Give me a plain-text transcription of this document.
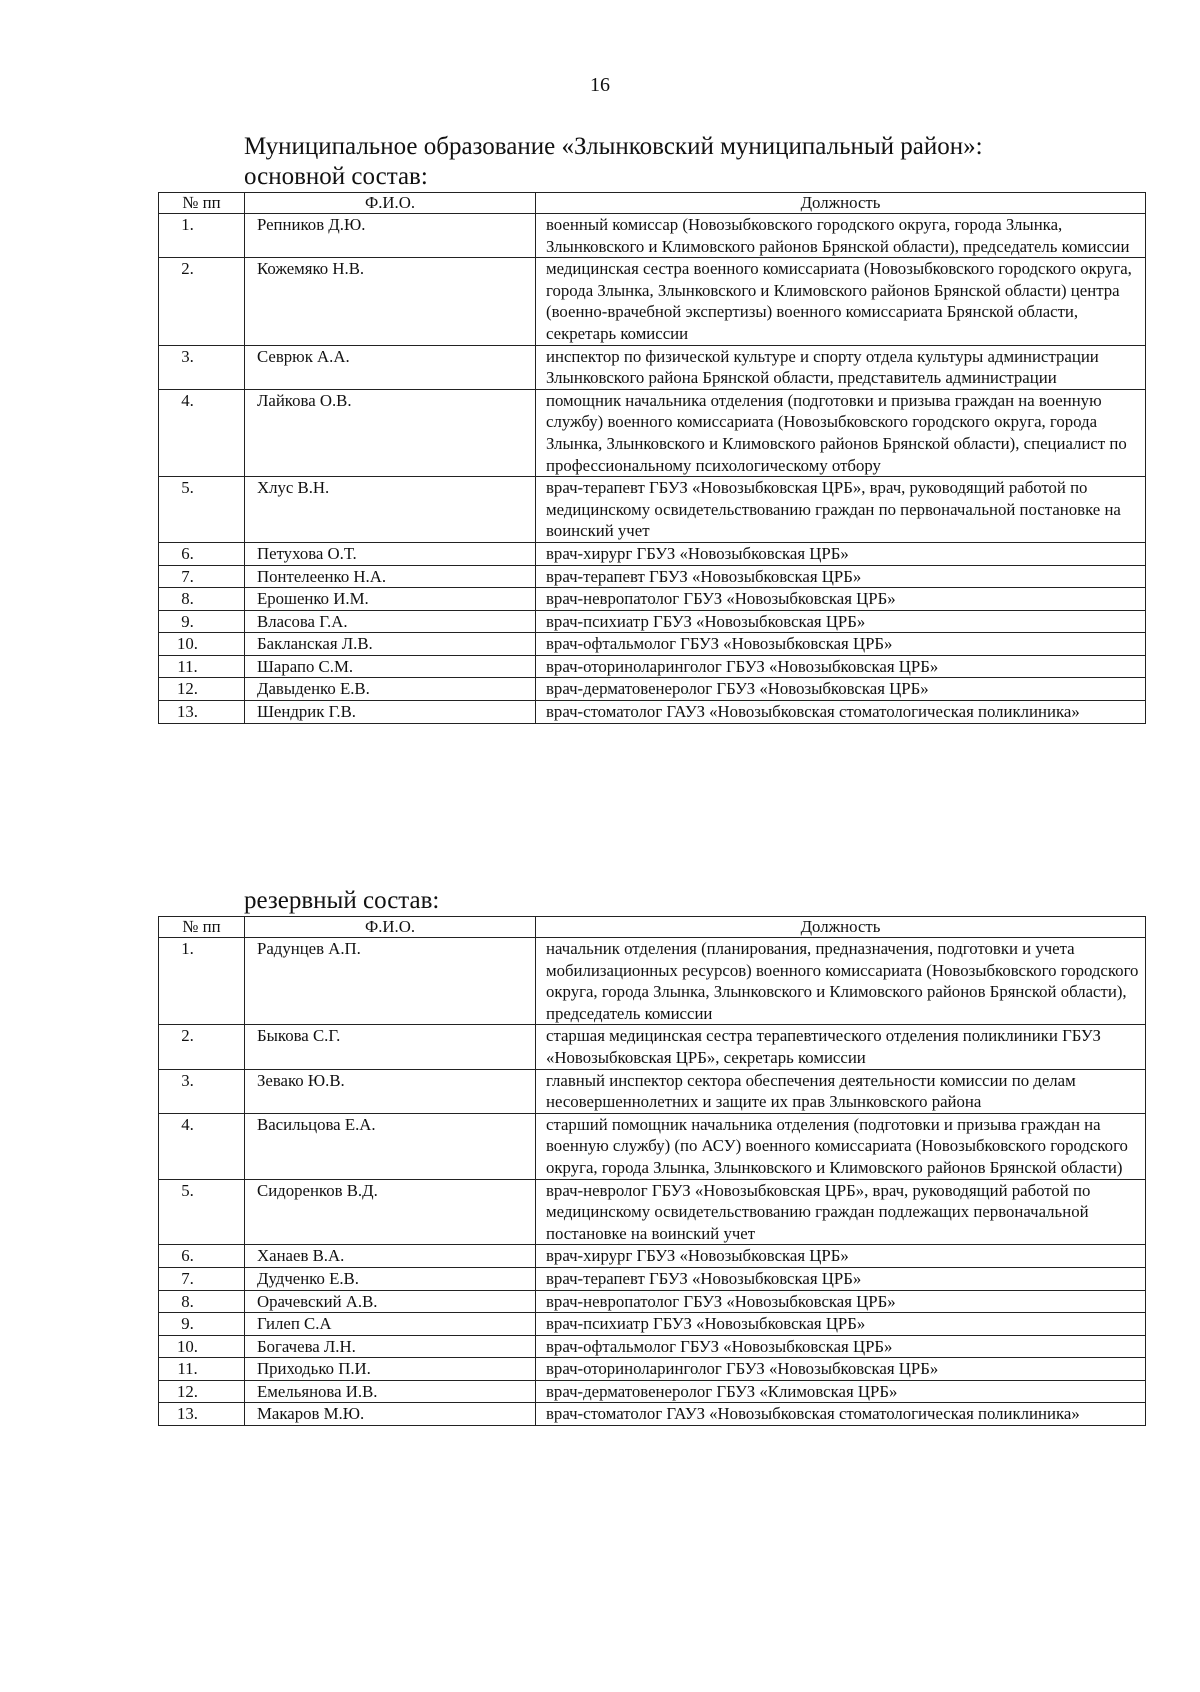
16
Муниципальное образование «Злынковский муниципальный район»:
основной состав:
№ пп	Ф.И.О.	Должность
1.	Репников Д.Ю.	военный комиссар (Новозыбковского городского округа, города Злынка, Злынковского и Климовского районов Брянской области), председатель комиссии
2.	Кожемяко Н.В.	медицинская сестра военного комиссариата (Новозыбковского городского округа, города Злынка, Злынковского и Климовского районов Брянской области) центра (военно-врачебной экспертизы) военного комиссариата Брянской области, секретарь комиссии
3.	Севрюк А.А.	инспектор по физической культуре и спорту отдела культуры администрации Злынковского района Брянской области, представитель администрации
4.	Лайкова О.В.	помощник начальника отделения (подготовки и призыва граждан на военную службу) военного комиссариата (Новозыбковского городского округа, города Злынка, Злынковского и Климовского районов Брянской области), специалист по профессиональному психологическому отбору
5.	Хлус В.Н.	врач-терапевт ГБУЗ «Новозыбковская ЦРБ», врач, руководящий работой по медицинскому освидетельствованию граждан по первоначальной постановке на воинский учет
6.	Петухова О.Т.	врач-хирург ГБУЗ «Новозыбковская ЦРБ»
7.	Понтелеенко Н.А.	врач-терапевт ГБУЗ «Новозыбковская ЦРБ»
8.	Ерошенко И.М.	врач-невропатолог ГБУЗ «Новозыбковская ЦРБ»
9.	Власова Г.А.	врач-психиатр ГБУЗ «Новозыбковская ЦРБ»
10.	Бакланская Л.В.	врач-офтальмолог ГБУЗ «Новозыбковская ЦРБ»
11.	Шарапо С.М.	врач-оториноларинголог ГБУЗ «Новозыбковская ЦРБ»
12.	Давыденко Е.В.	врач-дерматовенеролог ГБУЗ «Новозыбковская ЦРБ»
13.	Шендрик Г.В.	врач-стоматолог ГАУЗ «Новозыбковская стоматологическая поликлиника»
резервный состав:
№ пп	Ф.И.О.	Должность
1.	Радунцев А.П.	начальник отделения (планирования, предназначения, подготовки и учета мобилизационных ресурсов) военного комиссариата (Новозыбковского городского округа, города Злынка, Злынковского и Климовского районов Брянской области), председатель комиссии
2.	Быкова С.Г.	старшая медицинская сестра терапевтического отделения поликлиники ГБУЗ «Новозыбковская ЦРБ», секретарь комиссии
3.	Зевако Ю.В.	главный инспектор сектора обеспечения деятельности комиссии по делам несовершеннолетних и защите их прав Злынковского района
4.	Васильцова Е.А.	старший помощник начальника отделения (подготовки и призыва граждан на военную службу) (по АСУ) военного комиссариата (Новозыбковского городского округа, города Злынка, Злынковского и Климовского районов Брянской области)
5.	Сидоренков В.Д.	врач-невролог ГБУЗ «Новозыбковская ЦРБ», врач, руководящий работой по медицинскому освидетельствованию граждан подлежащих первоначальной постановке на воинский учет
6.	Ханаев В.А.	врач-хирург ГБУЗ «Новозыбковская ЦРБ»
7.	Дудченко Е.В.	врач-терапевт ГБУЗ «Новозыбковская ЦРБ»
8.	Орачевский А.В.	врач-невропатолог ГБУЗ «Новозыбковская ЦРБ»
9.	Гилеп С.А	врач-психиатр ГБУЗ «Новозыбковская ЦРБ»
10.	Богачева Л.Н.	врач-офтальмолог ГБУЗ «Новозыбковская ЦРБ»
11.	Приходько П.И.	врач-оториноларинголог ГБУЗ «Новозыбковская ЦРБ»
12.	Емельянова И.В.	врач-дерматовенеролог ГБУЗ «Климовская ЦРБ»
13.	Макаров М.Ю.	врач-стоматолог ГАУЗ «Новозыбковская стоматологическая поликлиника»
